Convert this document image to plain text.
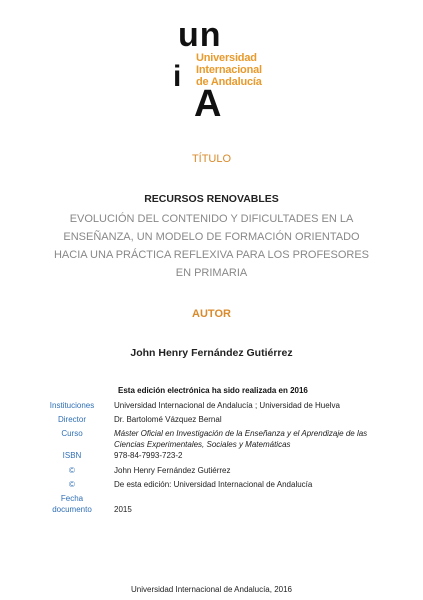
un
i
Universidad
Internacional
de Andalucía
A
TÍTULO
RECURSOS RENOVABLES
EVOLUCIÓN DEL CONTENIDO Y DIFICULTADES EN LA ENSEÑANZA, UN MODELO DE FORMACIÓN ORIENTADO HACIA UNA PRÁCTICA REFLEXIVA PARA LOS PROFESORES EN PRIMARIA
AUTOR
John Henry Fernández Gutiérrez
Esta edición electrónica ha sido realizada en 2016
Instituciones	Universidad Internacional de Andalucía ; Universidad de Huelva
Director	Dr. Bartolomé Vázquez Bernal
Curso	Máster Oficial en Investigación de la Enseñanza y el Aprendizaje de las Ciencias Experimentales, Sociales y Matemáticas
ISBN	978-84-7993-723-2
©	John Henry Fernández Gutiérrez
©	De esta edición: Universidad Internacional de Andalucía
Fecha
documento	2015
Universidad Internacional de Andalucía, 2016
